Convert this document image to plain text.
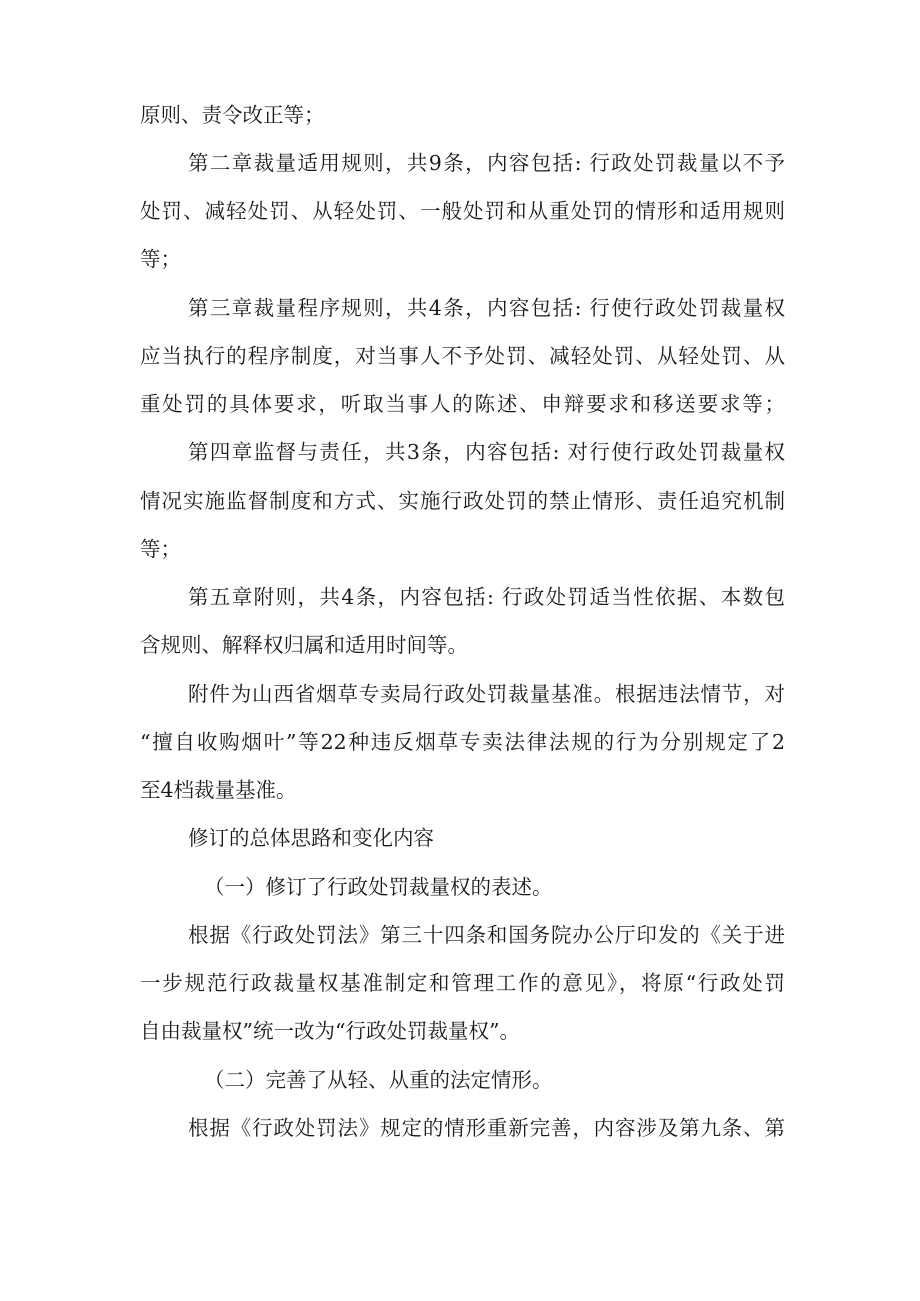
原则、责令改正等；
第二章裁量适用规则，共9条，内容包括: 行政处罚裁量以不予
处罚、减轻处罚、从轻处罚、一般处罚和从重处罚的情形和适用规则
等；
第三章裁量程序规则，共4条，内容包括: 行使行政处罚裁量权
应当执行的程序制度，对当事人不予处罚、减轻处罚、从轻处罚、从
重处罚的具体要求，听取当事人的陈述、申辩要求和移送要求等；
第四章监督与责任，共3条，内容包括: 对行使行政处罚裁量权
情况实施监督制度和方式、实施行政处罚的禁止情形、责任追究机制
等；
第五章附则，共4条，内容包括: 行政处罚适当性依据、本数包
含规则、解释权归属和适用时间等。
附件为山西省烟草专卖局行政处罚裁量基准。根据违法情节，对
“擅自收购烟叶”等22种违反烟草专卖法律法规的行为分别规定了2
至4档裁量基准。
修订的总体思路和变化内容
（一）修订了行政处罚裁量权的表述。
根据《行政处罚法》第三十四条和国务院办公厅印发的《关于进
一步规范行政裁量权基准制定和管理工作的意见》，将原“行政处罚
自由裁量权”统一改为“行政处罚裁量权”。
（二）完善了从轻、从重的法定情形。
根据《行政处罚法》规定的情形重新完善，内容涉及第九条、第
